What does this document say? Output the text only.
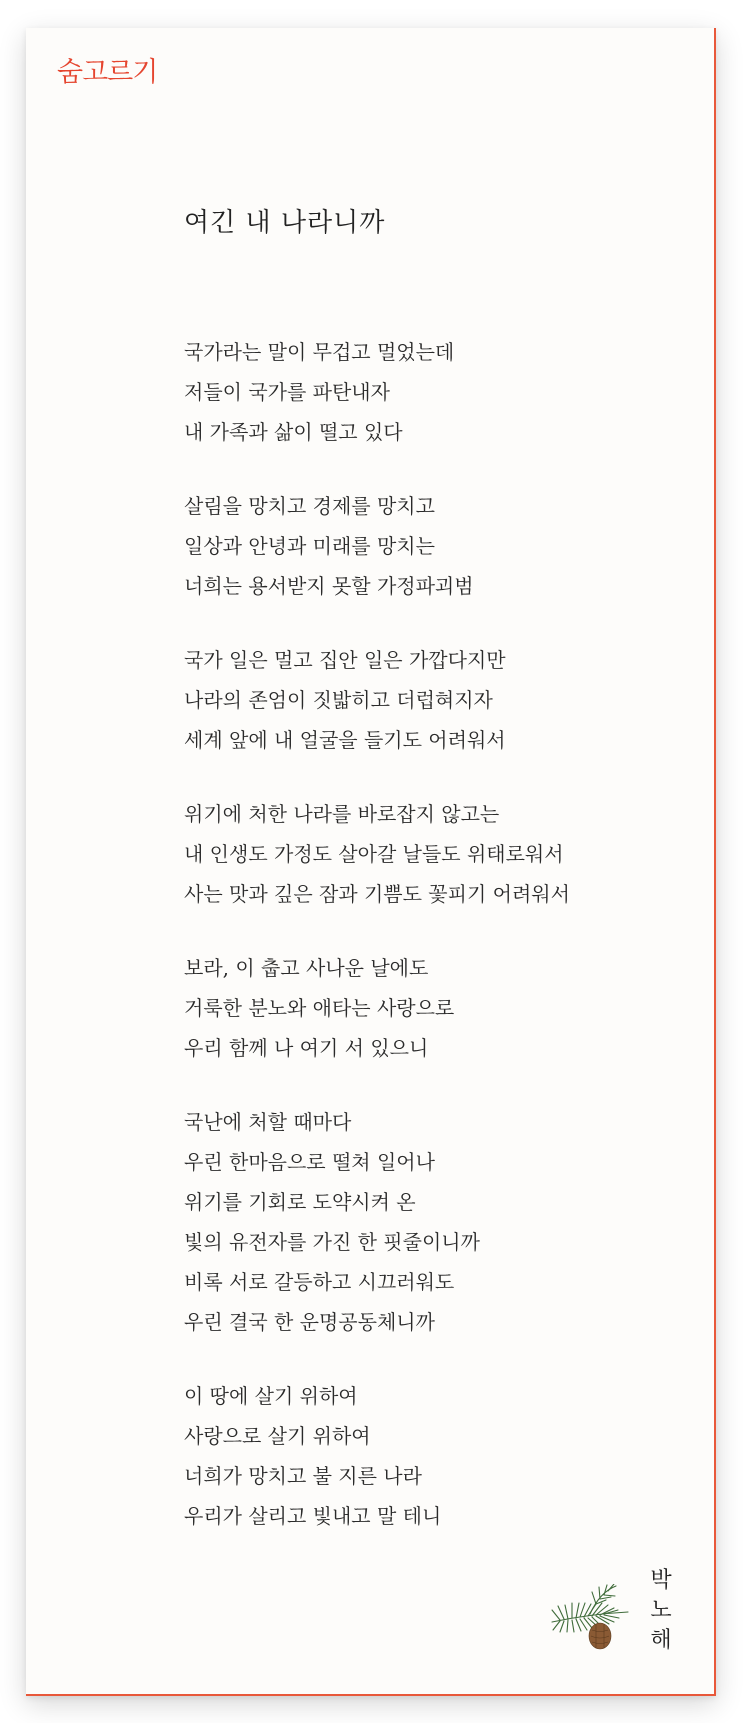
숨고르기
여긴 내 나라니까
국가라는 말이 무겁고 멀었는데
저들이 국가를 파탄내자
내 가족과 삶이 떨고 있다
살림을 망치고 경제를 망치고
일상과 안녕과 미래를 망치는
너희는 용서받지 못할 가정파괴범
국가 일은 멀고 집안 일은 가깝다지만
나라의 존엄이 짓밟히고 더럽혀지자
세계 앞에 내 얼굴을 들기도 어려워서
위기에 처한 나라를 바로잡지 않고는
내 인생도 가정도 살아갈 날들도 위태로워서
사는 맛과 깊은 잠과 기쁨도 꽃피기 어려워서
보라, 이 춥고 사나운 날에도
거룩한 분노와 애타는 사랑으로
우리 함께 나 여기 서 있으니
국난에 처할 때마다
우린 한마음으로 떨쳐 일어나
위기를 기회로 도약시켜 온
빛의 유전자를 가진 한 핏줄이니까
비록 서로 갈등하고 시끄러워도
우린 결국 한 운명공동체니까
이 땅에 살기 위하여
사랑으로 살기 위하여
너희가 망치고 불 지른 나라
우리가 살리고 빛내고 말 테니
박노해
